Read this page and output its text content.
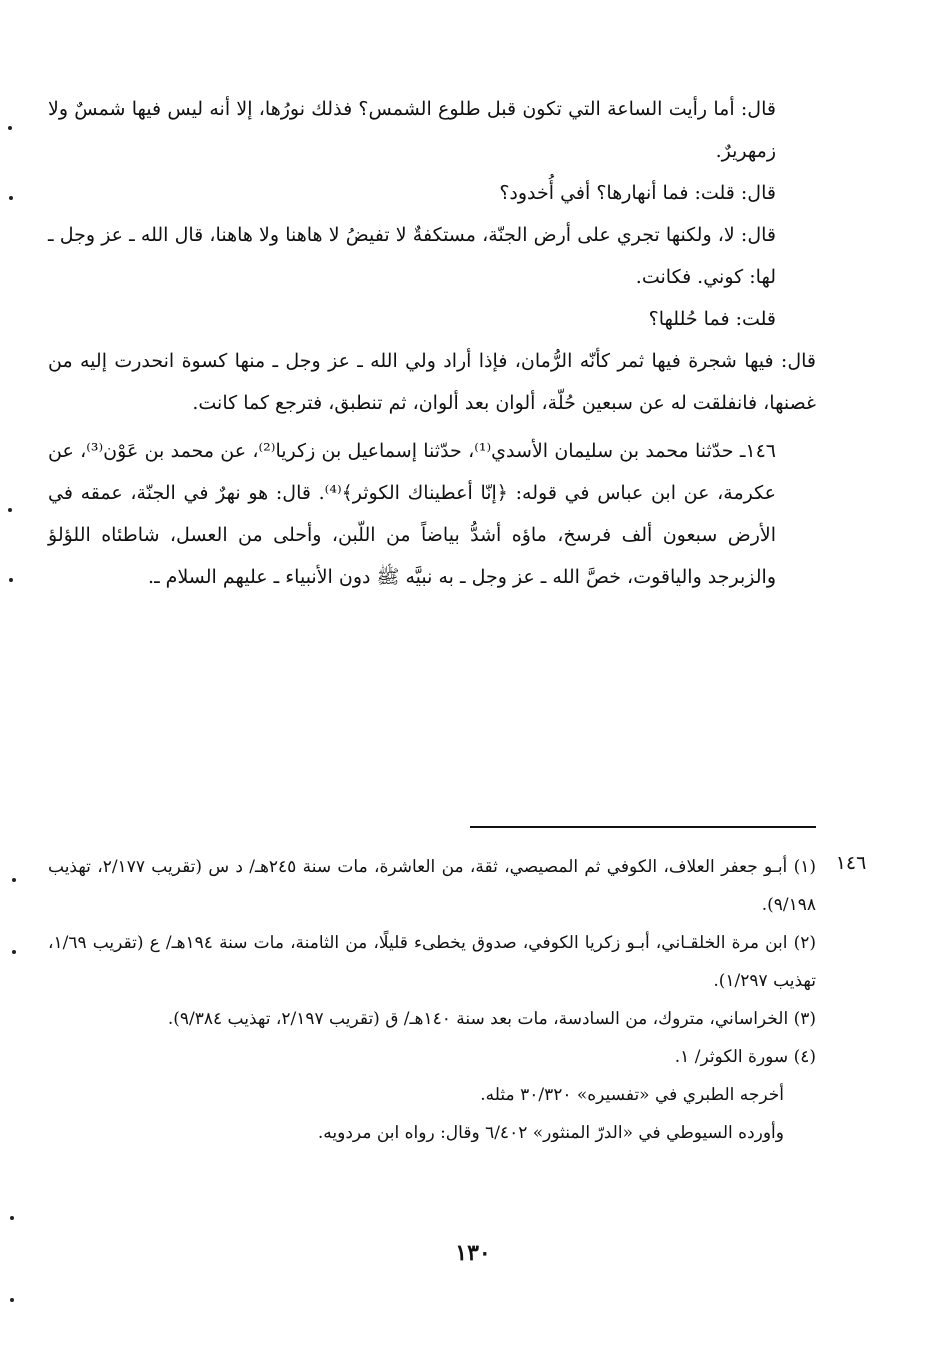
قال: أما رأيت الساعة التي تكون قبل طلوع الشمس؟ فذلك نورُها، إلا أنه ليس فيها شمسٌ ولا زمهريرٌ.

قال: قلت: فما أنهارها؟ أفي أُخدود؟

قال: لا، ولكنها تجري على أرض الجنّة، مستكفةٌ لا تفيضُ لا هاهنا ولا هاهنا، قال الله ـ عز وجل ـ لها: كوني. فكانت.

قلت: فما حُللها؟

قال: فيها شجرة فيها ثمر كأنّه الرُّمان، فإذا أراد ولي الله ـ عز وجل ـ منها كسوة انحدرت إليه من غصنها، فانفلقت له عن سبعين حُلّة، ألوان بعد ألوان، ثم تنطبق، فترجع كما كانت.

١٤٦ـ حدّثنا محمد بن سليمان الأسدي⁽¹⁾، حدّثنا إسماعيل بن زكريا⁽²⁾، عن محمد بن عَوْن⁽³⁾، عن عكرمة، عن ابن عباس في قوله: ﴿إنّا أعطيناك الكوثر﴾⁽⁴⁾. قال: هو نهرٌ في الجنّة، عمقه في الأرض سبعون ألف فرسخ، ماؤه أشدُّ بياضاً من اللّبن، وأحلى من العسل، شاطئاه اللؤلؤ والزبرجد والياقوت، خصَّ الله ـ عز وجل ـ به نبيَّه ﷺ دون الأنبياء ـ عليهم السلام ـ.

١٤٦

(١) أبـو جعفر العلاف، الكوفي ثم المصيصي، ثقة، من العاشرة، مات سنة ٢٤٥هـ/ د س (تقريب ٢/١٧٧، تهذيب ٩/١٩٨).

(٢) ابن مرة الخلقـاني، أبـو زكريا الكوفي، صدوق يخطىء قليلًا، من الثامنة، مات سنة ١٩٤هـ/ ع (تقريب ١/٦٩، تهذيب ١/٢٩٧).

(٣) الخراساني، متروك، من السادسة، مات بعد سنة ١٤٠هـ/ ق (تقريب ٢/١٩٧، تهذيب ٩/٣٨٤).

(٤) سورة الكوثر/ ١.

أخرجه الطبري في «تفسيره» ٣٠/٣٢٠ مثله.

وأورده السيوطي في «الدرّ المنثور» ٦/٤٠٢ وقال: رواه ابن مردويه.

١٣٠
